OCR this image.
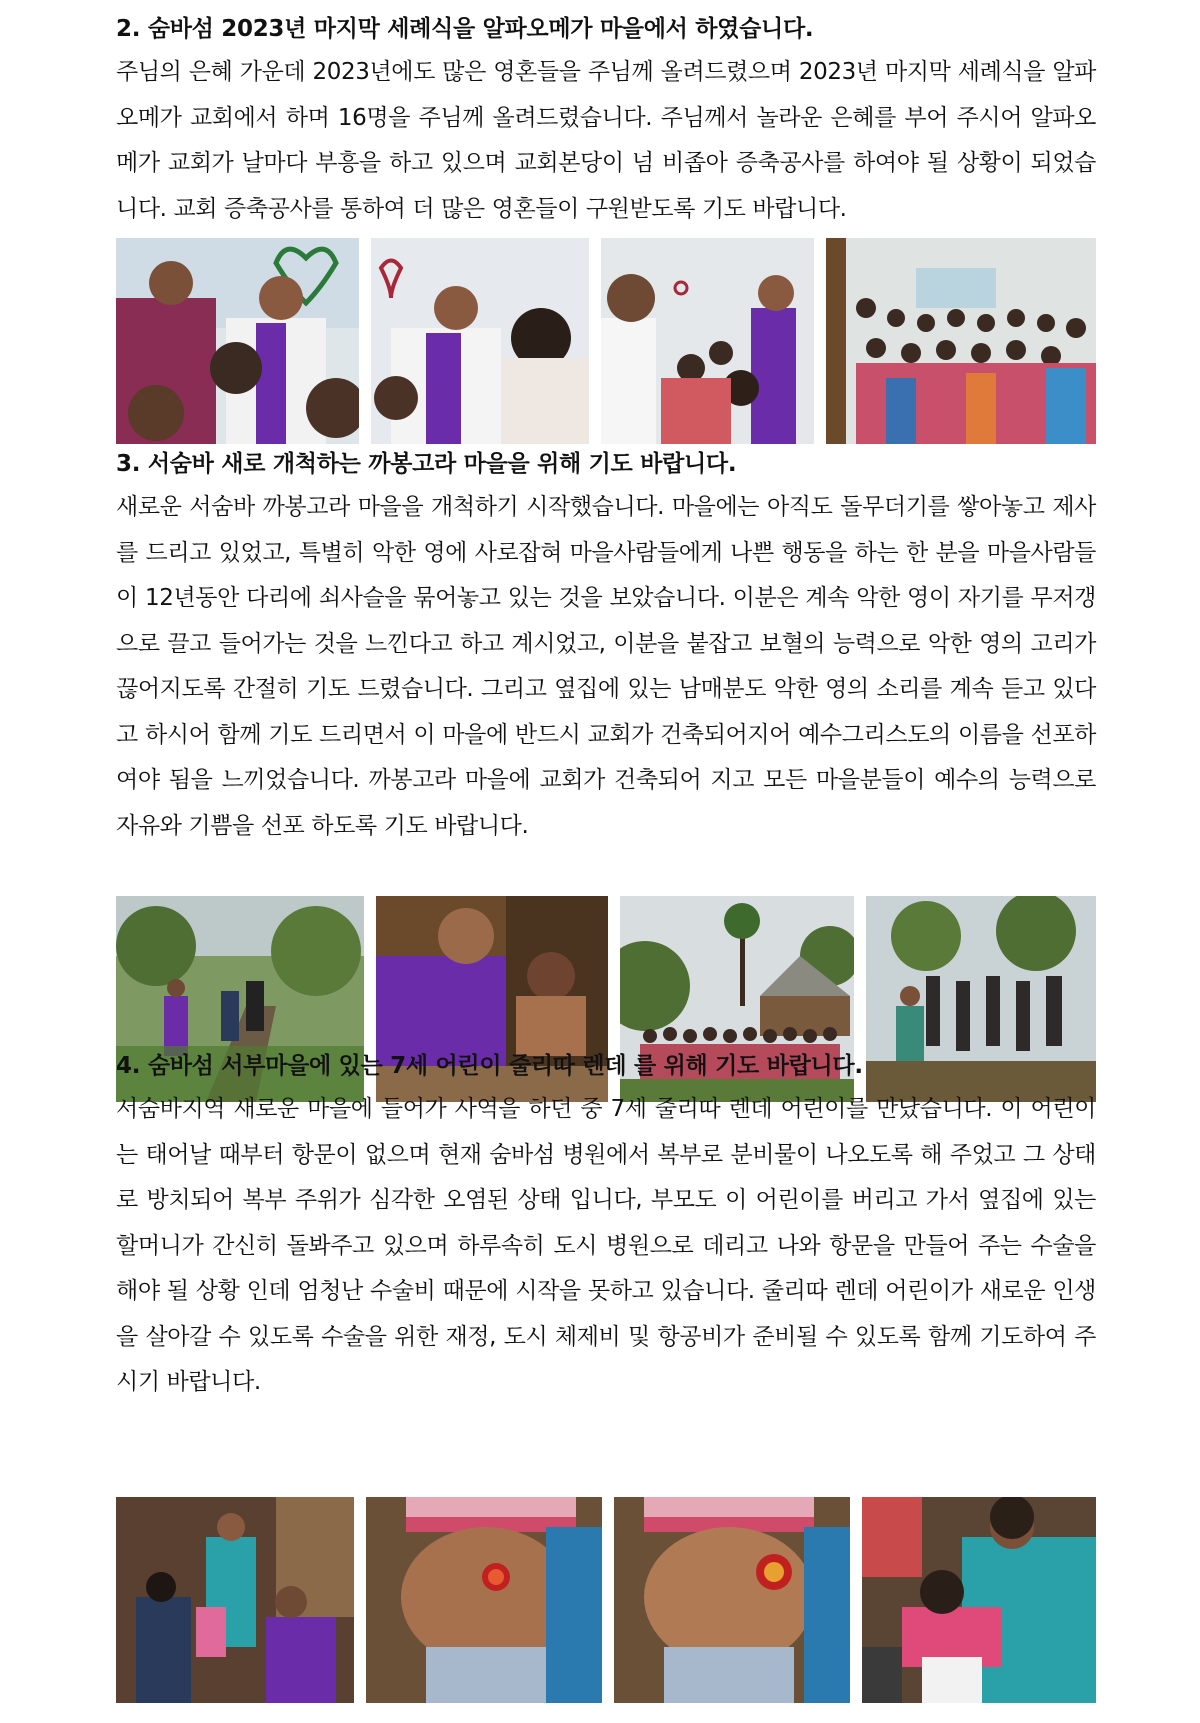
2. 숨바섬 2023년 마지막 세례식을 알파오메가 마을에서 하였습니다.

주님의 은혜 가운데 2023년에도 많은 영혼들을 주님께 올려드렸으며 2023년 마지막 세례식을 알파오메가 교회에서 하며 16명을 주님께 올려드렸습니다. 주님께서 놀라운 은혜를 부어 주시어 알파오메가 교회가 날마다 부흥을 하고 있으며 교회본당이 넘 비좁아 증축공사를 하여야 될 상황이 되었습니다. 교회 증축공사를 통하여 더 많은 영혼들이 구원받도록 기도 바랍니다.

3. 서숨바 새로 개척하는 까봉고라 마을을 위해 기도 바랍니다.

새로운 서숨바 까봉고라 마을을 개척하기 시작했습니다. 마을에는 아직도 돌무더기를 쌓아놓고 제사를 드리고 있었고, 특별히 악한 영에 사로잡혀 마을사람들에게 나쁜 행동을 하는 한 분을 마을사람들이 12년동안 다리에 쇠사슬을 묶어놓고 있는 것을 보았습니다. 이분은 계속 악한 영이 자기를 무저갱으로 끌고 들어가는 것을 느낀다고 하고 계시었고, 이분을 붙잡고 보혈의 능력으로 악한 영의 고리가 끊어지도록 간절히 기도 드렸습니다. 그리고 옆집에 있는 남매분도 악한 영의 소리를 계속 듣고 있다고 하시어 함께 기도 드리면서 이 마을에 반드시 교회가 건축되어지어 예수그리스도의 이름을 선포하여야 됨을 느끼었습니다. 까봉고라 마을에 교회가 건축되어 지고 모든 마을분들이 예수의 능력으로 자유와 기쁨을 선포 하도록 기도 바랍니다.

4. 숨바섬 서부마을에 있는 7세 어린이 줄리따 렌데 를 위해 기도 바랍니다.

서숨바지역 새로운 마을에 들어가 사역을 하던 중 7세 줄리따 렌데 어린이를 만났습니다. 이 어린이는 태어날 때부터 항문이 없으며 현재 숨바섬 병원에서 복부로 분비물이 나오도록 해 주었고 그 상태로 방치되어 복부 주위가 심각한 오염된 상태 입니다, 부모도 이 어린이를 버리고 가서 옆집에 있는 할머니가 간신히 돌봐주고 있으며 하루속히 도시 병원으로 데리고 나와 항문을 만들어 주는 수술을 해야 될 상황 인데 엄청난 수술비 때문에 시작을 못하고 있습니다. 줄리따 렌데 어린이가 새로운 인생을 살아갈 수 있도록 수술을 위한 재정, 도시 체제비 및 항공비가 준비될 수 있도록 함께 기도하여 주시기 바랍니다.
